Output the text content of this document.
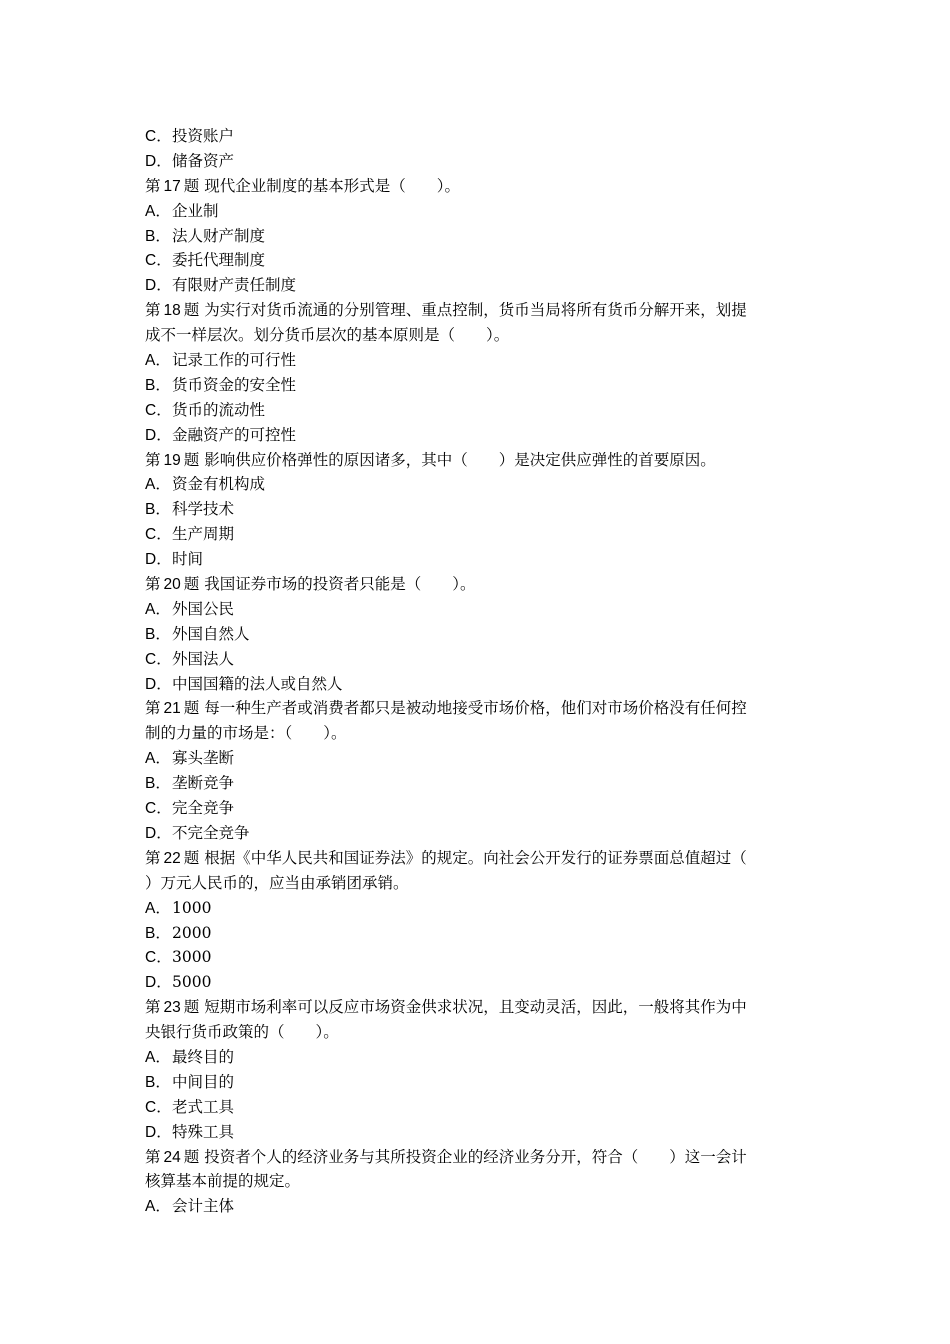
C．投资账户
D．储备资产
第 17 题 现代企业制度的基本形式是（　　）。
A．企业制
B．法人财产制度
C．委托代理制度
D．有限财产责任制度
第 18 题 为实行对货币流通的分别管理、重点控制，货币当局将所有货币分解开来，划提
成不一样层次。划分货币层次的基本原则是（　　）。
A．记录工作的可行性
B．货币资金的安全性
C．货币的流动性
D．金融资产的可控性
第 19 题 影响供应价格弹性的原因诸多，其中（　　）是决定供应弹性的首要原因。
A．资金有机构成
B．科学技术
C．生产周期
D．时间
第 20 题 我国证券市场的投资者只能是（　　）。
A．外国公民
B．外国自然人
C．外国法人
D．中国国籍的法人或自然人
第 21 题 每一种生产者或消费者都只是被动地接受市场价格，他们对市场价格没有任何控
制的力量的市场是：（　　）。
A．寡头垄断
B．垄断竞争
C．完全竞争
D．不完全竞争
第 22 题 根据《中华人民共和国证券法》的规定。向社会公开发行的证券票面总值超过（
）万元人民币的，应当由承销团承销。
A．1000
B．2000
C．3000
D．5000
第 23 题 短期市场利率可以反应市场资金供求状况，且变动灵活，因此，一般将其作为中
央银行货币政策的（　　）。
A．最终目的
B．中间目的
C．老式工具
D．特殊工具
第 24 题 投资者个人的经济业务与其所投资企业的经济业务分开，符合（　　）这一会计
核算基本前提的规定。
A．会计主体
